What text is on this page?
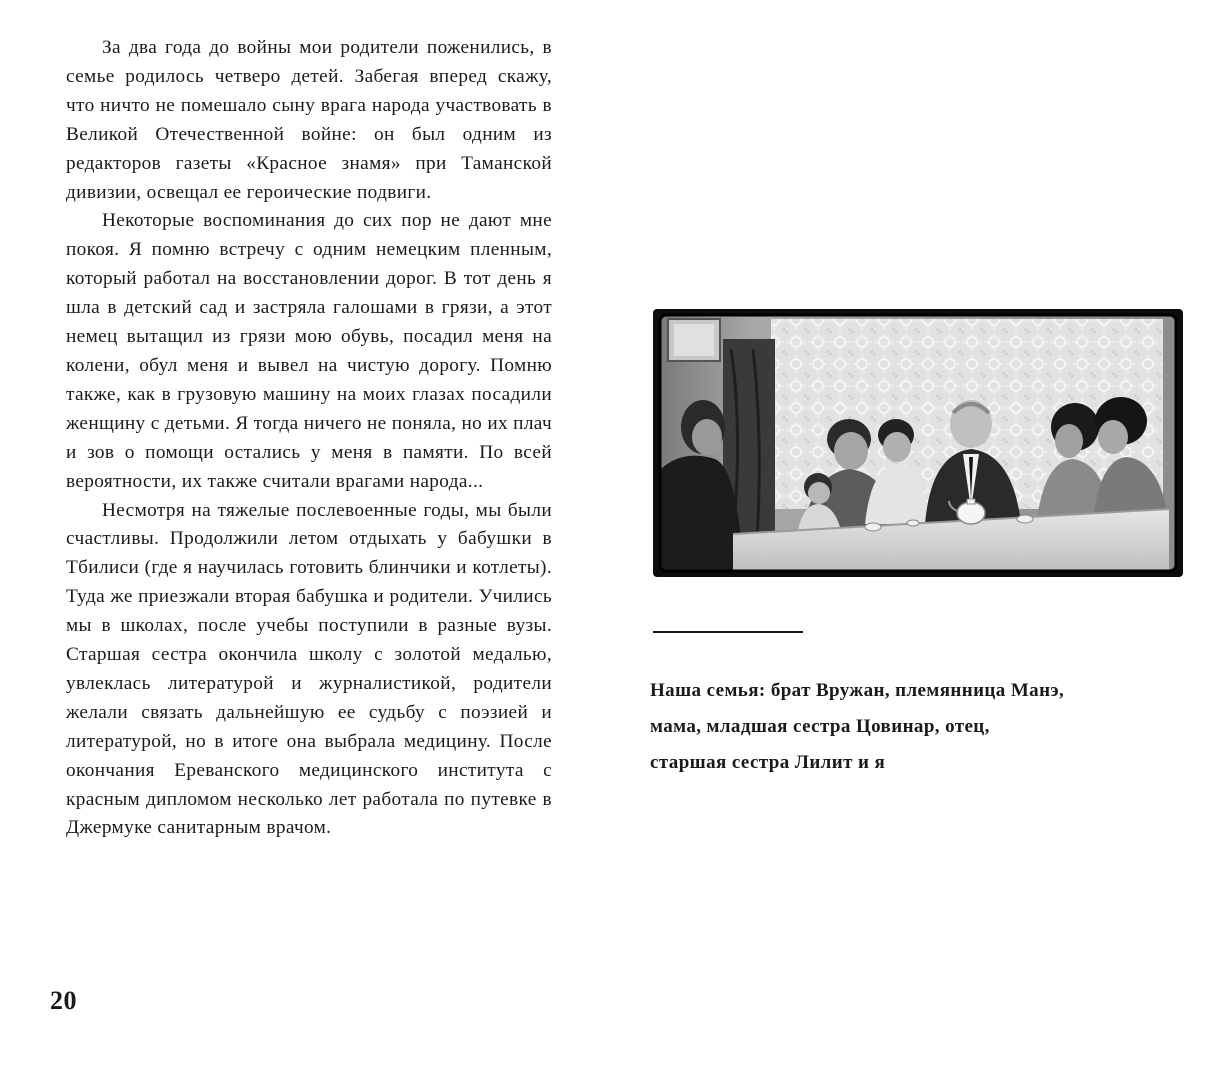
За два года до войны мои родители поженились, в семье родилось четверо детей. Забегая вперед скажу, что ничто не помешало сыну врага народа участвовать в Великой Отечественной войне: он был одним из редакторов газеты «Красное знамя» при Таманской дивизии, освещал ее героические подвиги.

Некоторые воспоминания до сих пор не дают мне покоя. Я помню встречу с одним немецким пленным, который работал на восстановлении дорог. В тот день я шла в детский сад и застряла галошами в грязи, а этот немец вытащил из грязи мою обувь, посадил меня на колени, обул меня и вывел на чистую дорогу. Помню также, как в грузовую машину на моих глазах посадили женщину с детьми. Я тогда ничего не поняла, но их плач и зов о помощи остались у меня в памяти. По всей вероятности, их также считали врагами народа...

Несмотря на тяжелые послевоенные годы, мы были счастливы. Продолжили летом отдыхать у бабушки в Тбилиси (где я научилась готовить блинчики и котлеты). Туда же приезжали вторая бабушка и родители. Учились мы в школах, после учебы поступили в разные вузы. Старшая сестра окончила школу с золотой медалью, увлеклась литературой и журналистикой, родители желали связать дальнейшую ее судьбу с поэзией и литературой, но в итоге она выбрала медицину. После окончания Ереванского медицинского института с красным дипломом несколько лет работала по путевке в Джермуке санитарным врачом.

20
Наша семья: брат Вружан, племянница Манэ,
мама, младшая сестра Цовинар, отец,
старшая сестра Лилит и я
